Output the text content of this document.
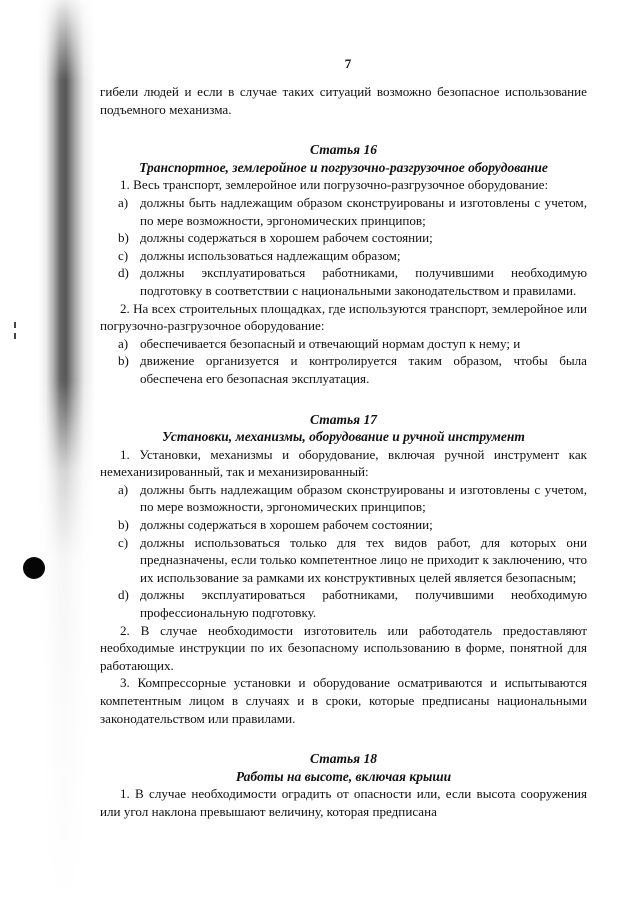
7

гибели людей и если в случае таких ситуаций возможно безопасное использование подъемного механизма.

Статья 16
Транспортное, землеройное и погрузочно-разгрузочное оборудование

1. Весь транспорт, землеройное или погрузочно-разгрузочное оборудование:

a) должны быть надлежащим образом сконструированы и изготовлены с учетом, по мере возможности, эргономических принципов;
b) должны содержаться в хорошем рабочем состоянии;
c) должны использоваться надлежащим образом;
d) должны эксплуатироваться работниками, получившими необходимую подготовку в соответствии с национальными законодательством и правилами.

2. На всех строительных площадках, где используются транспорт, землеройное или погрузочно-разгрузочное оборудование:

a) обеспечивается безопасный и отвечающий нормам доступ к нему; и
b) движение организуется и контролируется таким образом, чтобы была обеспечена его безопасная эксплуатация.
Статья 17
Установки, механизмы, оборудование и ручной инструмент

1. Установки, механизмы и оборудование, включая ручной инструмент как немеханизированный, так и механизированный:

a) должны быть надлежащим образом сконструированы и изготовлены с учетом, по мере возможности, эргономических принципов;
b) должны содержаться в хорошем рабочем состоянии;
c) должны использоваться только для тех видов работ, для которых они предназначены, если только компетентное лицо не приходит к заключению, что их использование за рамками их конструктивных целей является безопасным;
d) должны эксплуатироваться работниками, получившими необходимую профессиональную подготовку.

2. В случае необходимости изготовитель или работодатель предоставляют необходимые инструкции по их безопасному использованию в форме, понятной для работающих.

3. Компрессорные установки и оборудование осматриваются и испытываются компетентным лицом в случаях и в сроки, которые предписаны национальными законодательством или правилами.

Статья 18
Работы на высоте, включая крыши

1. В случае необходимости оградить от опасности или, если высота сооружения или угол наклона превышают величину, которая предписана
